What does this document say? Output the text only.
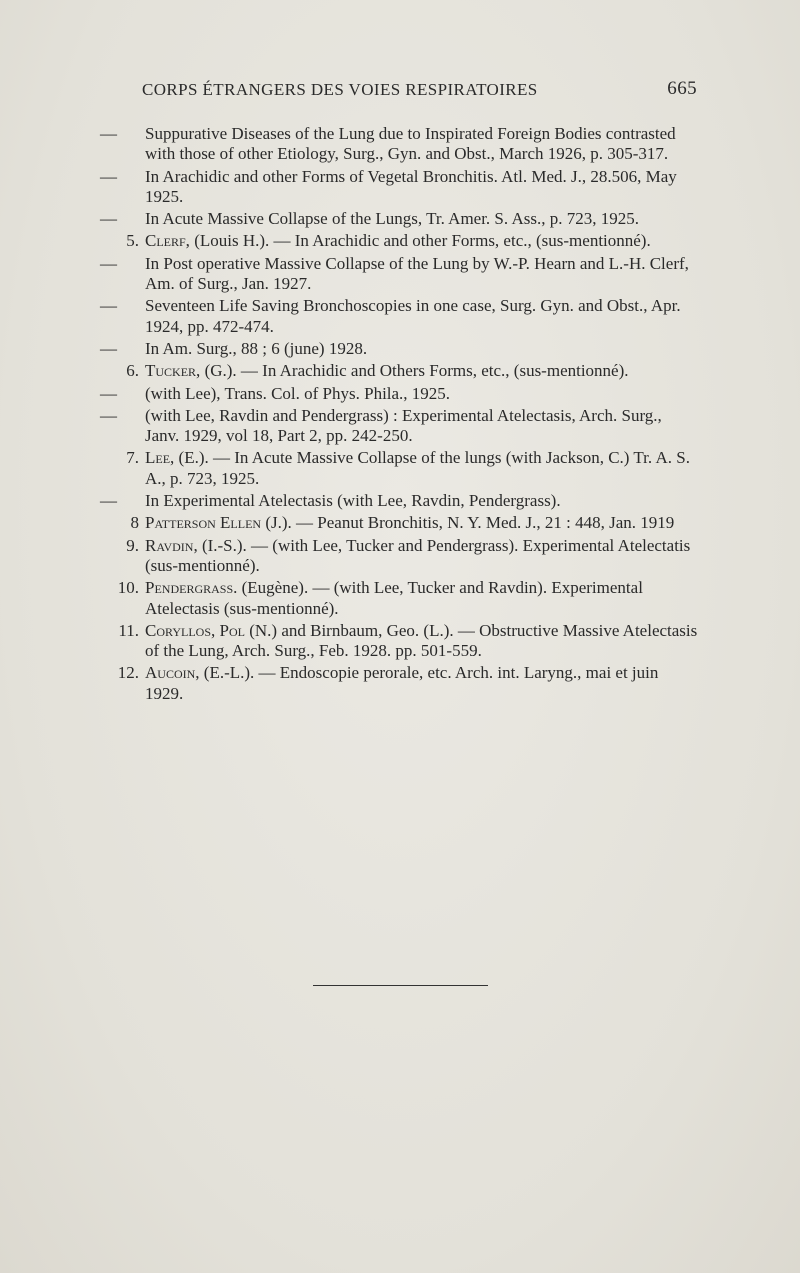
CORPS ÉTRANGERS DES VOIES RESPIRATOIRES	665
— Suppurative Diseases of the Lung due to Inspirated Foreign Bodies contrasted with those of other Etiology, Surg., Gyn. and Obst., March 1926, p. 305-317.
— In Arachidic and other Forms of Vegetal Bronchitis. Atl. Med. J., 28.506, May 1925.
— In Acute Massive Collapse of the Lungs, Tr. Amer. S. Ass., p. 723, 1925.
5. Clerf, (Louis H.). — In Arachidic and other Forms, etc., (sus-mentionné).
— In Post operative Massive Collapse of the Lung by W.-P. Hearn and L.-H. Clerf, Am. of Surg., Jan. 1927.
— Seventeen Life Saving Bronchoscopies in one case, Surg. Gyn. and Obst., Apr. 1924, pp. 472-474.
— In Am. Surg., 88 ; 6 (june) 1928.
6. Tucker, (G.). — In Arachidic and Others Forms, etc., (sus-mentionné).
— (with Lee), Trans. Col. of Phys. Phila., 1925.
— (with Lee, Ravdin and Pendergrass) : Experimental Atelectasis, Arch. Surg., Janv. 1929, vol 18, Part 2, pp. 242-250.
7. Lee, (E.). — In Acute Massive Collapse of the lungs (with Jackson, C.) Tr. A. S. A., p. 723, 1925.
— In Experimental Atelectasis (with Lee, Ravdin, Pendergrass).
8 Patterson Ellen (J.). — Peanut Bronchitis, N. Y. Med. J., 21 : 448, Jan. 1919
9. Ravdin, (I.-S.). — (with Lee, Tucker and Pendergrass). Experimental Atelectatis (sus-mentionné).
10. Pendergrass. (Eugène). — (with Lee, Tucker and Ravdin). Experimental Atelectasis (sus-mentionné).
11. Coryllos, Pol (N.) and Birnbaum, Geo. (L.). — Obstructive Massive Atelectasis of the Lung, Arch. Surg., Feb. 1928. pp. 501-559.
12. Aucoin, (E.-L.). — Endoscopie perorale, etc. Arch. int. Laryng., mai et juin 1929.
